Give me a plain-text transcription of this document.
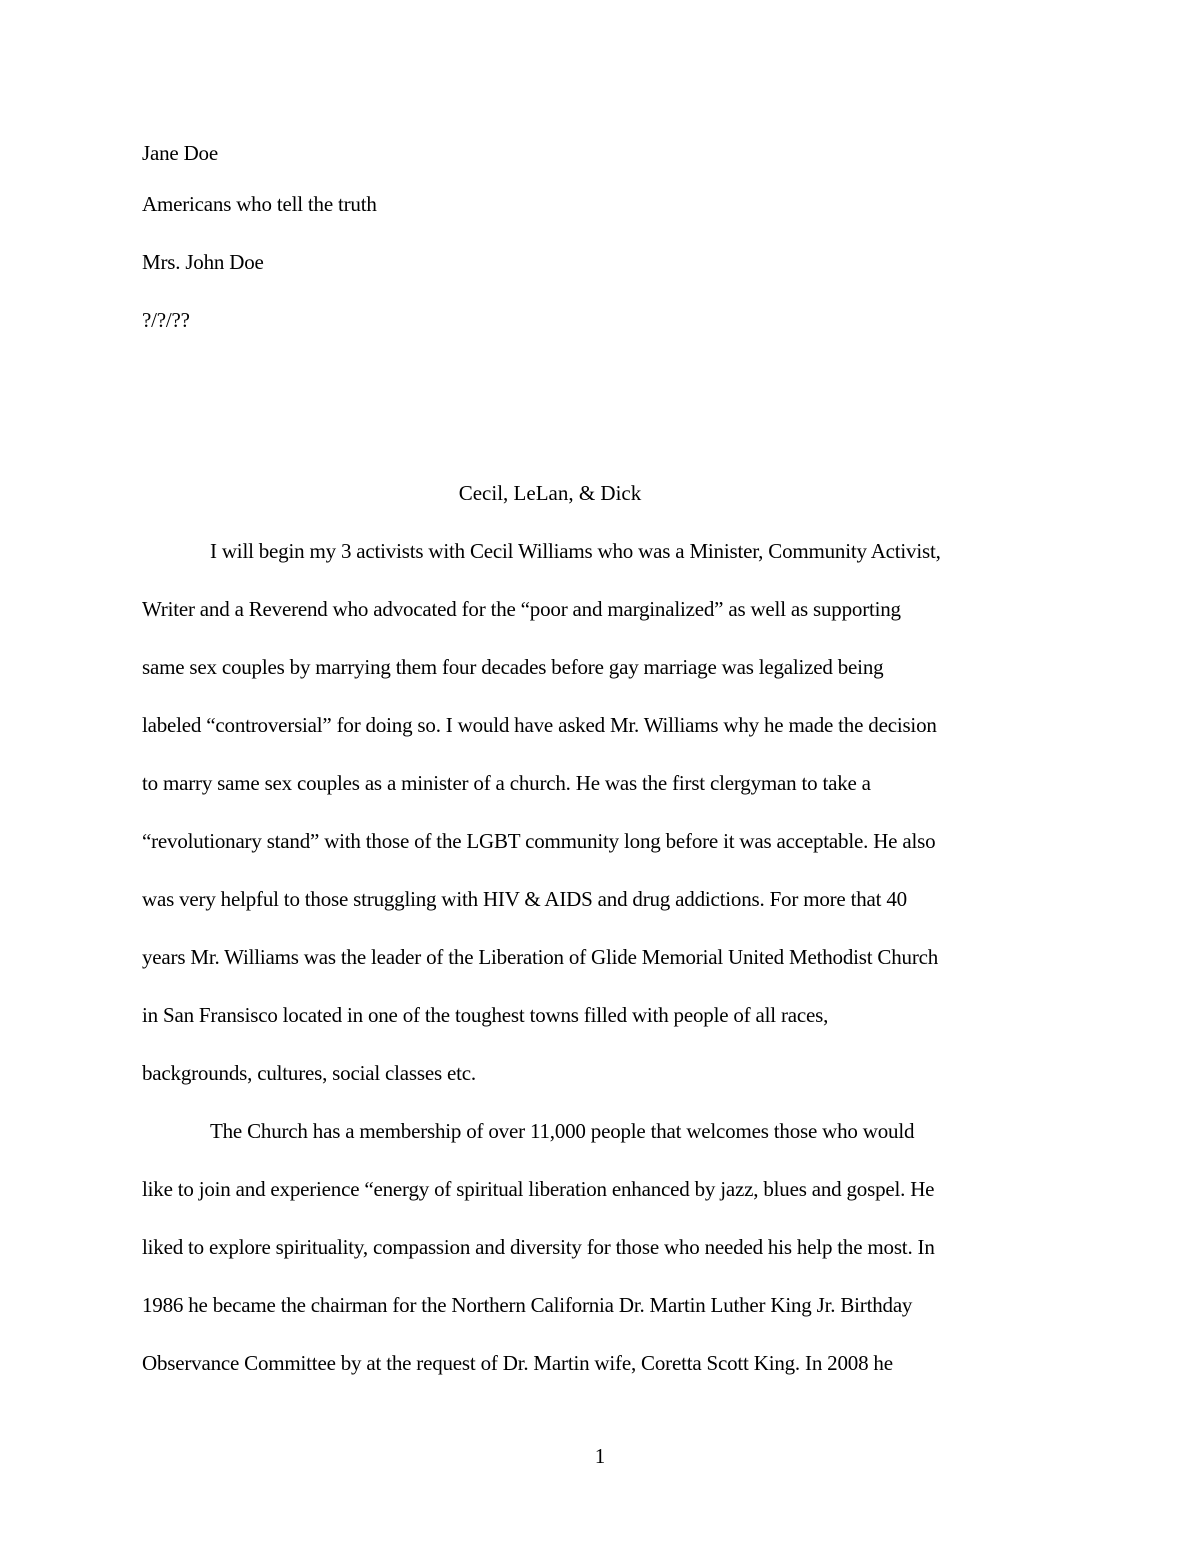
Jane Doe
Americans who tell the truth
Mrs. John Doe
?/?/??
Cecil, LeLan, & Dick
I will begin my 3 activists with Cecil Williams who was a Minister, Community Activist,
Writer and a Reverend who advocated for the “poor and marginalized” as well as supporting
same sex couples by marrying them four decades before gay marriage was legalized being
labeled “controversial” for doing so. I would have asked Mr. Williams why he made the decision
to marry same sex couples as a minister of a church. He was the first clergyman to take a
“revolutionary stand” with those of the LGBT community long before it was acceptable. He also
was very helpful to those struggling with HIV & AIDS and drug addictions. For more that 40
years Mr. Williams was the leader of the Liberation of Glide Memorial United Methodist Church
in San Fransisco located in one of the toughest towns filled with people of all races,
backgrounds, cultures, social classes etc.
The Church has a membership of over 11,000 people that welcomes those who would
like to join and experience “energy of spiritual liberation enhanced by jazz, blues and gospel. He
liked to explore spirituality, compassion and diversity for those who needed his help the most. In
1986 he became the chairman for the Northern California Dr. Martin Luther King Jr. Birthday
Observance Committee by at the request of Dr. Martin wife, Coretta Scott King. In 2008 he
1
